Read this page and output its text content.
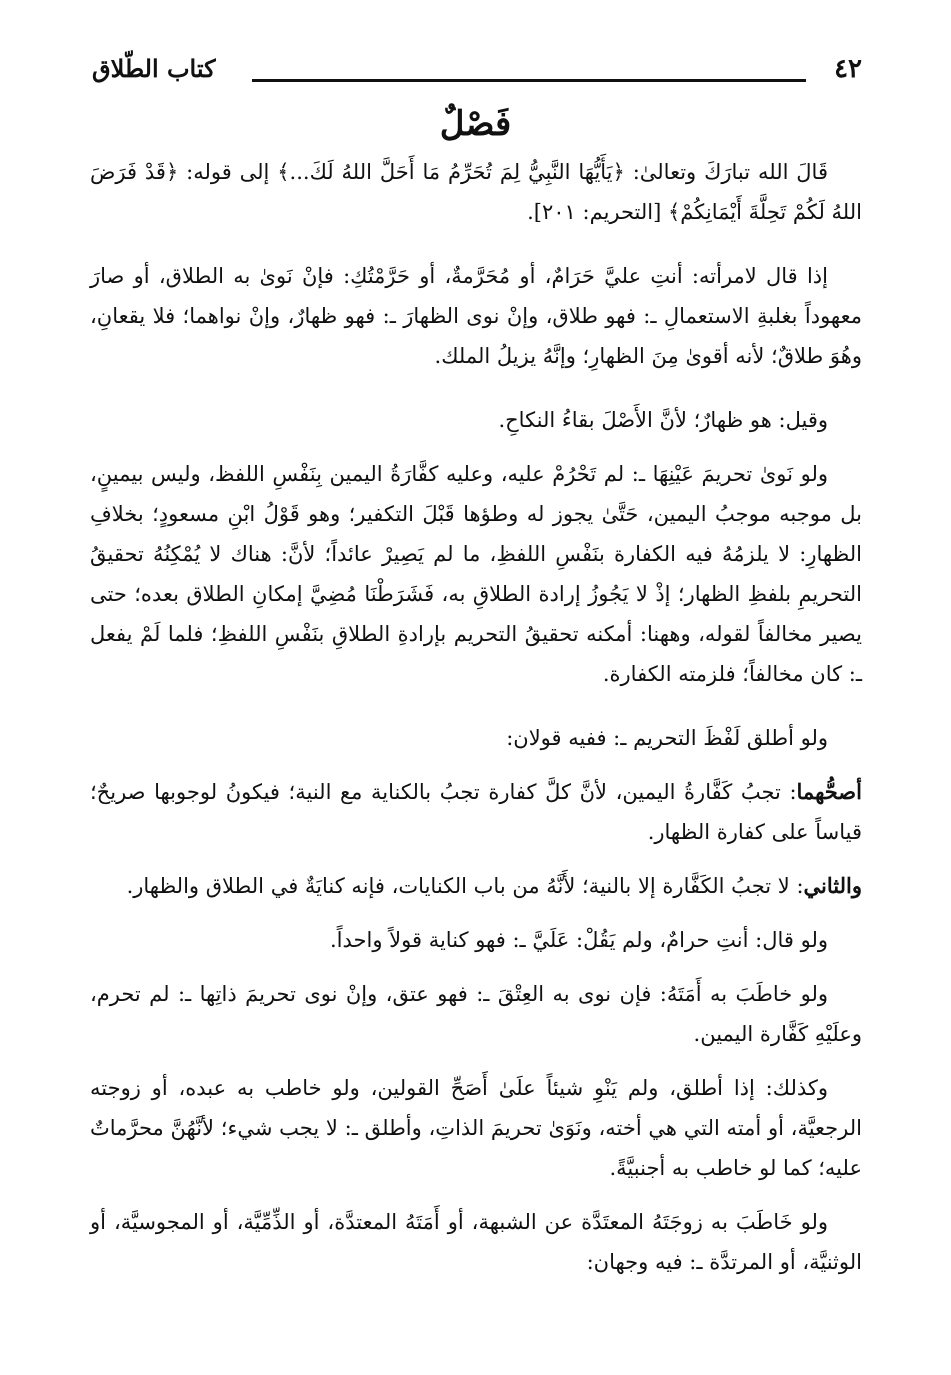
٤٢
كتاب الطّلاق
فَصْلٌ

قَالَ الله تبارَكَ وتعالىٰ: ﴿يَأَيُّهَا النَّبِيُّ لِمَ تُحَرِّمُ مَا أَحَلَّ اللهُ لَكَ...﴾ إلى قوله: ﴿قَدْ فَرَضَ اللهُ لَكُمْ تَحِلَّةَ أَيْمَانِكُمْ﴾ [التحريم: ٢٠١].

إذا قال لامرأته: أنتِ عليَّ حَرَامٌ، أو مُحَرَّمةٌ، أو حَرَّمْتُكِ: فإنْ نَوىٰ به الطلاق، أو صارَ معهوداً بغلبةِ الاستعمالِ ـ: فهو طلاق، وإنْ نوى الظهارَ ـ: فهو ظهارٌ، وإنْ نواهما؛ فلا يقعانِ، وهُوَ طلاقٌ؛ لأنه أقوىٰ مِنَ الظهارِ؛ وإنَّهُ يزيلُ الملك.

وقيل: هو ظهارٌ؛ لأنَّ الأَصْلَ بقاءُ النكاحِ.

ولو نَوىٰ تحريمَ عَيْنِهَا ـ: لم تَحْرُمْ عليه، وعليه كفَّارَةُ اليمين بِنَفْسِ اللفظ، وليس بيمينٍ، بل موجبه موجبُ اليمين، حَتَّىٰ يجوز له وطؤها قَبْلَ التكفير؛ وهو قَوْلُ ابْنِ مسعودٍ؛ بخلافِ الظهارِ: لا يلزمُهُ فيه الكفارة بنَفْسِ اللفظِ، ما لم يَصِيرْ عائداً؛ لأنَّ: هناك لا يُمْكِنُهُ تحقيقُ التحريمِ بلفظِ الظهار؛ إذْ لا يَجُوزُ إرادة الطلاقِ به، فَشَرَطْنَا مُضِيَّ إمكانِ الطلاق بعده؛ حتى يصير مخالفاً لقوله، وههنا: أمكنه تحقيقُ التحريم بإرادةِ الطلاقِ بنَفْسِ اللفظِ؛ فلما لَمْ يفعل ـ: كان مخالفاً؛ فلزمته الكفارة.

ولو أطلق لَفْظَ التحريم ـ: ففيه قولان:

أصحُّهما: تجبُ كَفَّارةُ اليمين، لأنَّ كلَّ كفارة تجبُ بالكناية مع النية؛ فيكونُ لوجوبها صريحٌ؛ قياساً على كفارة الظهار.

والثاني: لا تجبُ الكَفَّارة إلا بالنية؛ لأَنَّهُ من باب الكنايات، فإنه كنايَةٌ في الطلاق والظهار.

ولو قال: أنتِ حرامٌ، ولم يَقُلْ: عَلَيَّ ـ: فهو كناية قولاً واحداً.

ولو خاطَبَ به أَمَتَهُ: فإن نوى به العِتْقَ ـ: فهو عتق، وإنْ نوى تحريمَ ذاتِها ـ: لم تحرم، وعلَيْهِ كَفَّارة اليمين.

وكذلك: إذا أطلق، ولم يَنْوِ شيئاً علَىٰ أَصَحِّ القولين، ولو خاطب به عبده، أو زوجته الرجعيَّة، أو أمته التي هي أخته، ونَوَىٰ تحريمَ الذاتِ، وأطلق ـ: لا يجب شيء؛ لأنَّهُنَّ محرَّماتٌ عليه؛ كما لو خاطب به أجنبيَّةً.

ولو خَاطَبَ به زوجَتَهُ المعتَدَّة عن الشبهة، أو أَمَتَهُ المعتدَّة، أو الذِّمِّيَّة، أو المجوسيَّة، أو الوثنيَّة، أو المرتدَّة ـ: فيه وجهان:
